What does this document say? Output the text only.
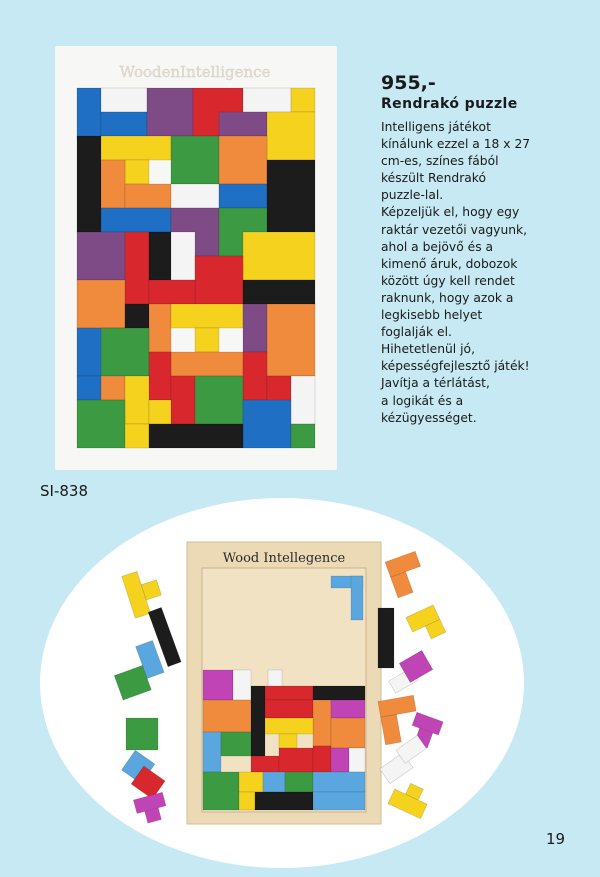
WoodenIntelligence	955,-
Rendrakó puzzle
Intelligens játékot
kínálunk ezzel a 18 x 27
cm-es, színes fából
készült Rendrakó
puzzle-lal.
Képzeljük el, hogy egy
raktár vezetői vagyunk,
ahol a bejövő és a
kimenő áruk, dobozok
között úgy kell rendet
raknunk, hogy azok a
legkisebb helyet
foglalják el.
Hihetetlenül jó,
képességfejlesztő játék!
Javítja a térlátást,
a logikát és a
kézügyességet.
SI-838
Wood Intellegence
19
